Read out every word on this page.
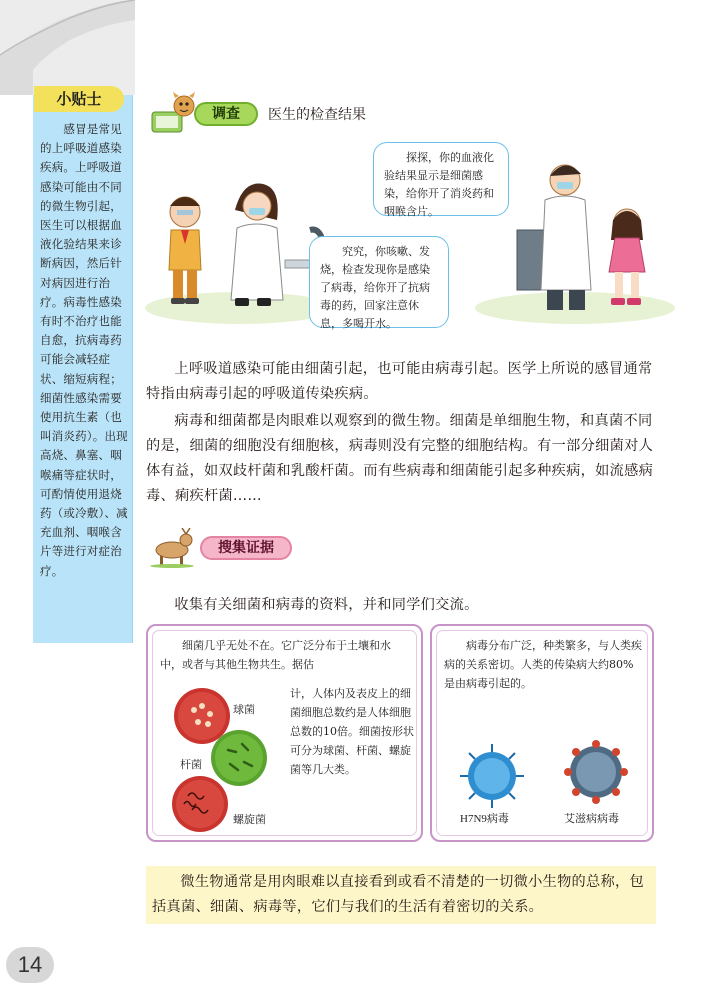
小贴士
　　感冒是常见的上呼吸道感染疾病。上呼吸道感染可能由不同的微生物引起，医生可以根据血液化验结果来诊断病因，然后针对病因进行治疗。病毒性感染有时不治疗也能自愈，抗病毒药可能会减轻症状、缩短病程；细菌性感染需要使用抗生素（也叫消炎药）。出现高烧、鼻塞、咽喉痛等症状时，可酌情使用退烧药（或冷敷）、减充血剂、咽喉含片等进行对症治疗。
14
调查	医生的检查结果
　　探探，你的血液化验结果显示是细菌感染，给你开了消炎药和咽喉含片。
　　究究，你咳嗽、发烧，检查发现你是感染了病毒，给你开了抗病毒的药，回家注意休息，多喝开水。
上呼吸道感染可能由细菌引起，也可能由病毒引起。医学上所说的感冒通常特指由病毒引起的呼吸道传染疾病。
病毒和细菌都是肉眼难以观察到的微生物。细菌是单细胞生物，和真菌不同的是，细菌的细胞没有细胞核，病毒则没有完整的细胞结构。有一部分细菌对人体有益，如双歧杆菌和乳酸杆菌。而有些病毒和细菌能引起多种疾病，如流感病毒、痢疾杆菌……
搜集证据
收集有关细菌和病毒的资料，并和同学们交流。
　　细菌几乎无处不在。它广泛分布于土壤和水中，或者与其他生物共生。据估
计，人体内及表皮上的细菌细胞总数约是人体细胞总数的10倍。细菌按形状可分为球菌、杆菌、螺旋菌等几大类。
球菌
杆菌
螺旋菌
　　病毒分布广泛，种类繁多，与人类疾病的关系密切。人类的传染病大约80%是由病毒引起的。
H7N9病毒	艾滋病病毒
微生物通常是用肉眼难以直接看到或看不清楚的一切微小生物的总称，包括真菌、细菌、病毒等，它们与我们的生活有着密切的关系。
